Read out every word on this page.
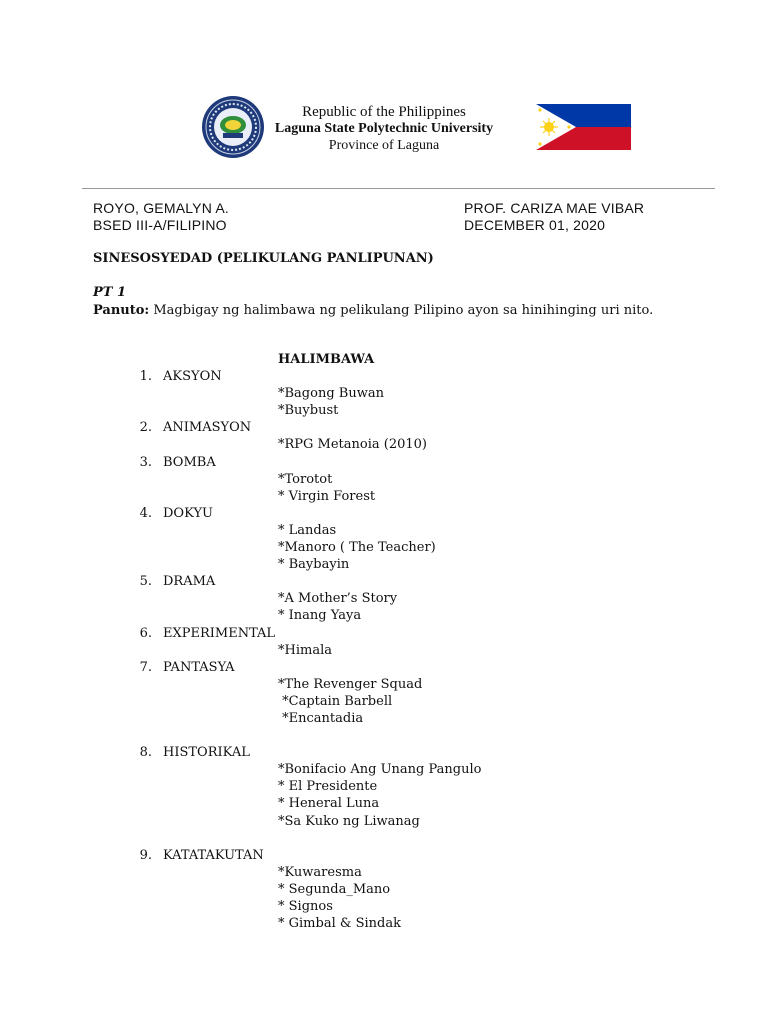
Republic of the Philippines
Laguna State Polytechnic University
Province of Laguna
ROYO, GEMALYN A.
BSED III-A/FILIPINO
PROF. CARIZA MAE VIBAR
DECEMBER 01, 2020
SINESOSYEDAD (PELIKULANG PANLIPUNAN)
PT 1
Panuto: Magbigay ng halimbawa ng pelikulang Pilipino ayon sa hinihinging uri nito.
HALIMBAWA
1. AKSYON
*Bagong Buwan
*Buybust
2. ANIMASYON
*RPG Metanoia (2010)
3. BOMBA
*Torotot
* Virgin Forest
4. DOKYU
* Landas
*Manoro ( The Teacher)
* Baybayin
5. DRAMA
*A Mother’s Story
* Inang Yaya
6. EXPERIMENTAL
*Himala
7. PANTASYA
*The Revenger Squad
*Captain Barbell
*Encantadia
8. HISTORIKAL
*Bonifacio Ang Unang Pangulo
* El Presidente
* Heneral Luna
*Sa Kuko ng Liwanag
9. KATATAKUTAN
*Kuwaresma
* Segunda_Mano
* Signos
* Gimbal & Sindak
